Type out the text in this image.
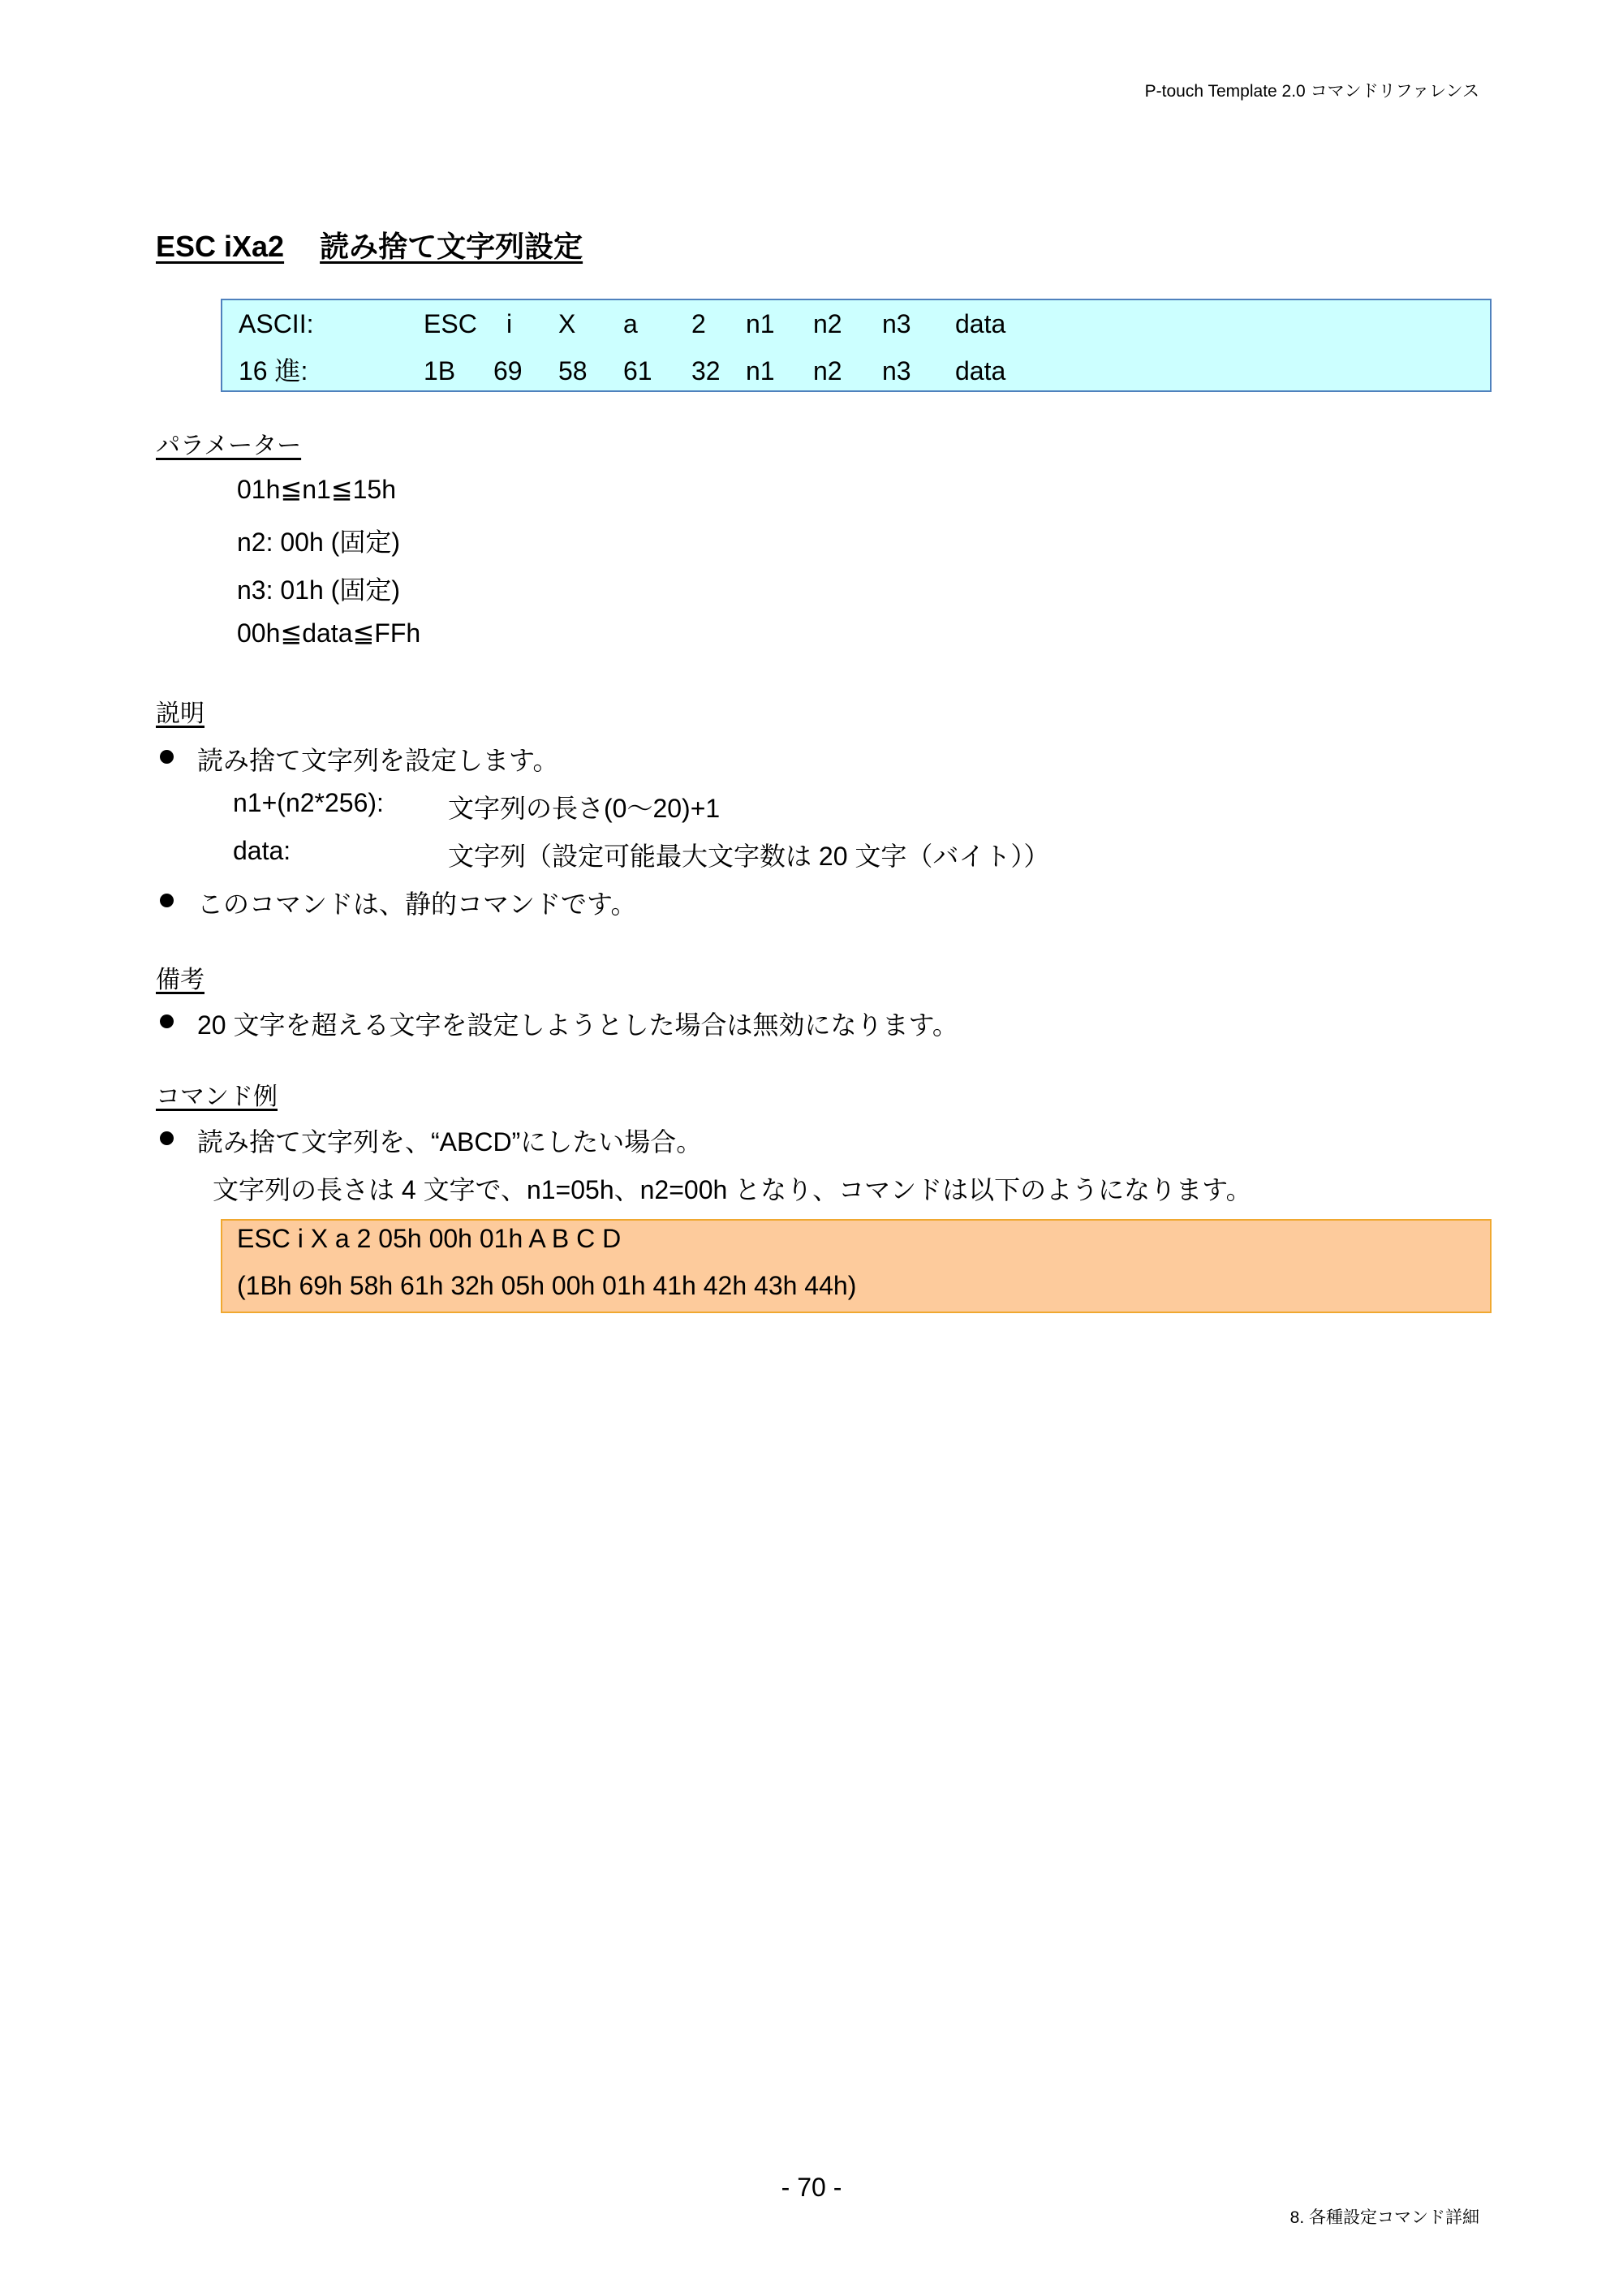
P-touch Template 2.0 コマンドリファレンス
ESC iXa2 読み捨て文字列設定
ASCII:	ESC i X a 2 n1 n2 n3 data
16 進:	1B 69 58 61 32 n1 n2 n3 data
パラメーター
01h≦n1≦15h
n2: 00h (固定)
n3: 01h (固定)
00h≦data≦FFh
説明
読み捨て文字列を設定します。
n1+(n2*256): 文字列の長さ(0〜20)+1
data:	文字列（設定可能最大文字数は 20 文字（バイト））
このコマンドは、静的コマンドです。
備考
20 文字を超える文字を設定しようとした場合は無効になります。
コマンド例
読み捨て文字列を、“ABCD”にしたい場合。
文字列の長さは 4 文字で、n1=05h、n2=00h となり、コマンドは以下のようになります。
ESC i X a 2 05h 00h 01h A B C D
(1Bh 69h 58h 61h 32h 05h 00h 01h 41h 42h 43h 44h)
- 70 -
8. 各種設定コマンド詳細
